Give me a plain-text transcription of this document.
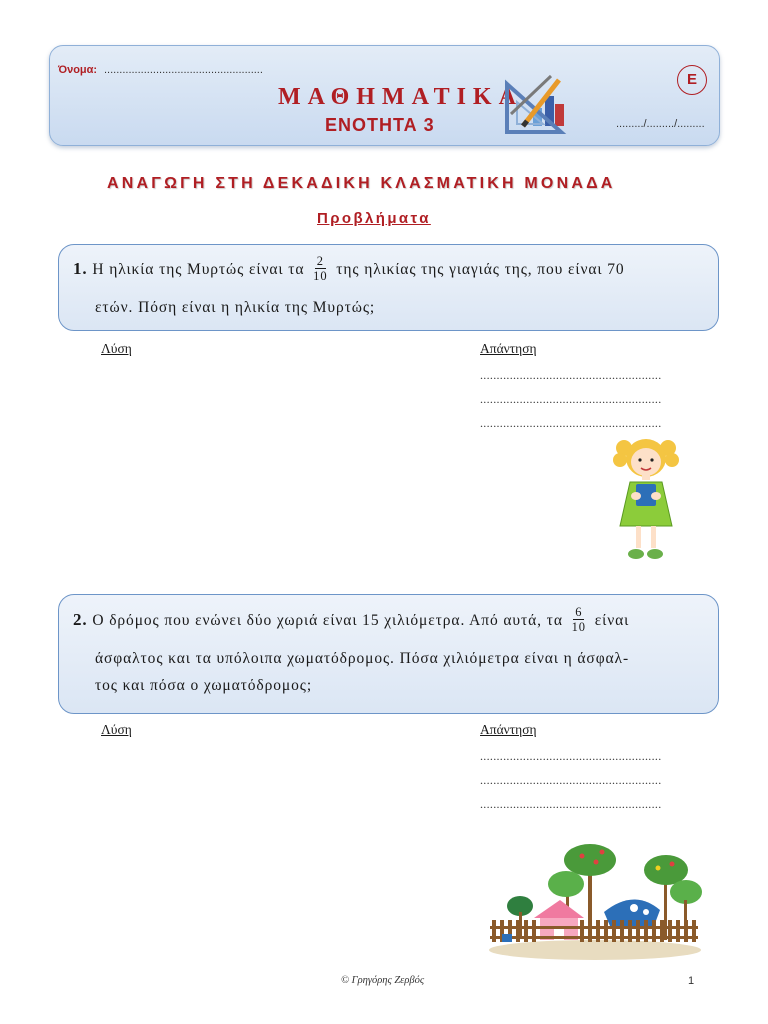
Όνομα: ....................................................
ΜΑΘΗΜΑΤΙΚΑ
ΕΝΟΤΗΤΑ 3
Ε
........./........./.........
ΑΝΑΓΩΓΗ ΣΤΗ ΔΕΚΑΔΙΚΗ ΚΛΑΣΜΑΤΙΚΗ ΜΟΝΑΔΑ
Προβλήματα
1. Η ηλικία της Μυρτώς είναι τα $\frac{2}{10}$ της ηλικίας της γιαγιάς της, που είναι 70
ετών. Πόση είναι η ηλικία της Μυρτώς;
Λύση	Απάντηση
.......................................................
.......................................................
.......................................................
2. Ο δρόμος που ενώνει δύο χωριά είναι 15 χιλιόμετρα. Από αυτά, τα $\frac{6}{10}$ είναι
άσφαλτος και τα υπόλοιπα χωματόδρομος. Πόσα χιλιόμετρα είναι η άσφαλ-
τος και πόσα ο χωματόδρομος;
Λύση	Απάντηση
.......................................................
.......................................................
.......................................................
© Γρηγόρης Ζερβός	1
